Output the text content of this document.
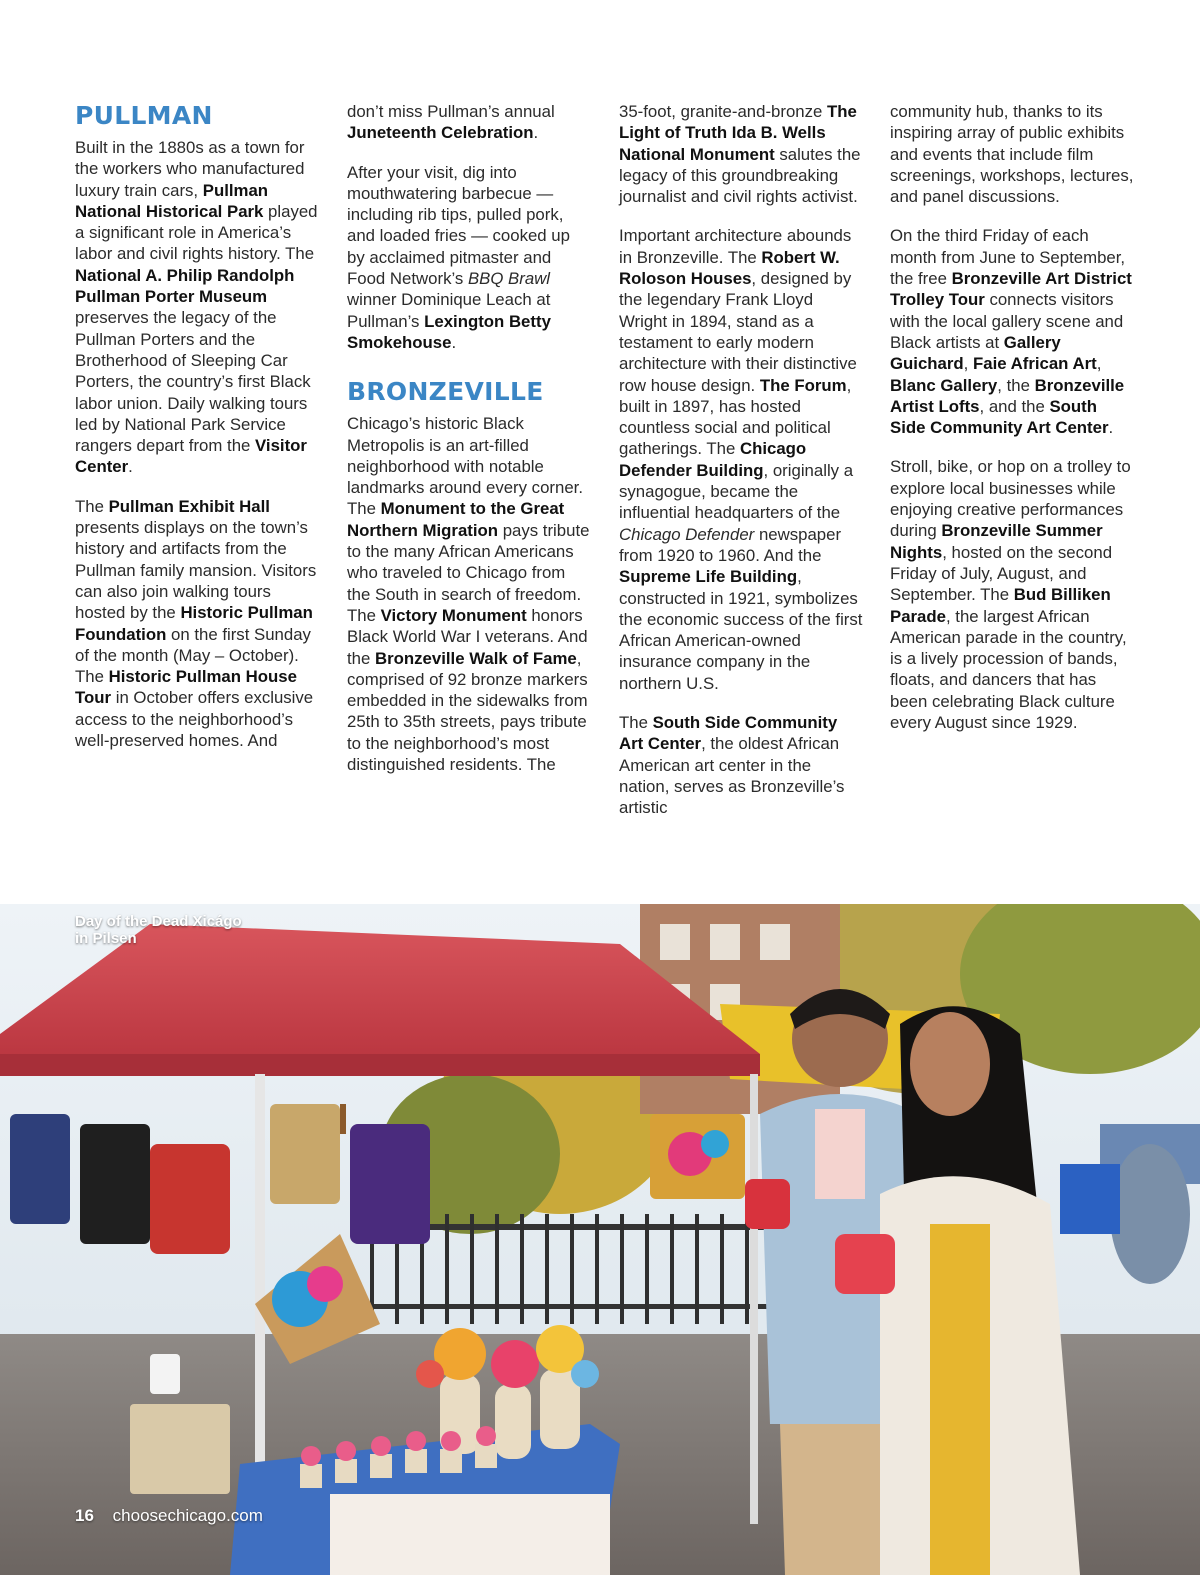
PULLMAN

Built in the 1880s as a town for the workers who manufactured luxury train cars, Pullman National Historical Park played a significant role in America’s labor and civil rights history. The National A. Philip Randolph Pullman Porter Museum preserves the legacy of the Pullman Porters and the Brotherhood of Sleeping Car Porters, the country’s first Black labor union. Daily walking tours led by National Park Service rangers depart from the Visitor Center.

The Pullman Exhibit Hall presents displays on the town’s history and artifacts from the Pullman family mansion. Visitors can also join walking tours hosted by the Historic Pullman Foundation on the first Sunday of the month (May – October). The Historic Pullman House Tour in October offers exclusive access to the neighborhood’s well-preserved homes. And

don’t miss Pullman’s annual Juneteenth Celebration.

After your visit, dig into mouthwatering barbecue — including rib tips, pulled pork, and loaded fries — cooked up by acclaimed pitmaster and Food Network’s BBQ Brawl winner Dominique Leach at Pullman’s Lexington Betty Smokehouse.

BRONZEVILLE

Chicago’s historic Black Metropolis is an art-filled neighborhood with notable landmarks around every corner. The Monument to the Great Northern Migration pays tribute to the many African Americans who traveled to Chicago from the South in search of freedom. The Victory Monument honors Black World War I veterans. And the Bronzeville Walk of Fame, comprised of 92 bronze markers embedded in the sidewalks from 25th to 35th streets, pays tribute to the neighborhood’s most distinguished residents. The

35-foot, granite-and-bronze The Light of Truth Ida B. Wells National Monument salutes the legacy of this groundbreaking journalist and civil rights activist.

Important architecture abounds in Bronzeville. The Robert W. Roloson Houses, designed by the legendary Frank Lloyd Wright in 1894, stand as a testament to early modern architecture with their distinctive row house design. The Forum, built in 1897, has hosted countless social and political gatherings. The Chicago Defender Building, originally a synagogue, became the influential headquarters of the Chicago Defender newspaper from 1920 to 1960. And the Supreme Life Building, constructed in 1921, symbolizes the economic success of the first African American-owned insurance company in the northern U.S.

The South Side Community Art Center, the oldest African American art center in the nation, serves as Bronzeville’s artistic

community hub, thanks to its inspiring array of public exhibits and events that include film screenings, workshops, lectures, and panel discussions.

On the third Friday of each month from June to September, the free Bronzeville Art District Trolley Tour connects visitors with the local gallery scene and Black artists at Gallery Guichard, Faie African Art, Blanc Gallery, the Bronzeville Artist Lofts, and the South Side Community Art Center.

Stroll, bike, or hop on a trolley to explore local businesses while enjoying creative performances during Bronzeville Summer Nights, hosted on the second Friday of July, August, and September. The Bud Billiken Parade, the largest African American parade in the country, is a lively procession of bands, floats, and dancers that has been celebrating Black culture every August since 1929.

Day of the Dead Xicágo
in Pilsen
16 choosechicago.com
